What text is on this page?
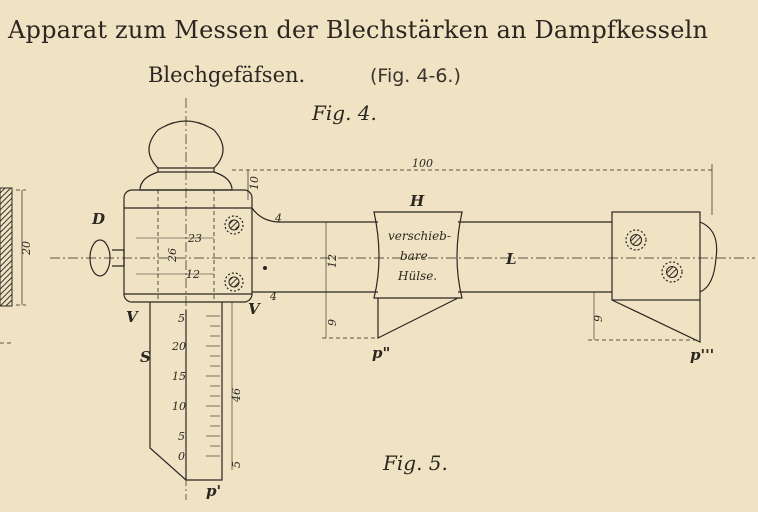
Apparat zum Messen der Blechstärken an Dampfkesseln
Blechgefäfsen.	(Fig. 4-6.)
Fig. 4.
Fig. 5.
20
23
12
26
D
100
10
4
4
L
12
9
H
verschieb-
bare
Hülse.
p"
9
p'''
V	V
5
20
15
10
5
0
S
46
5
p'
